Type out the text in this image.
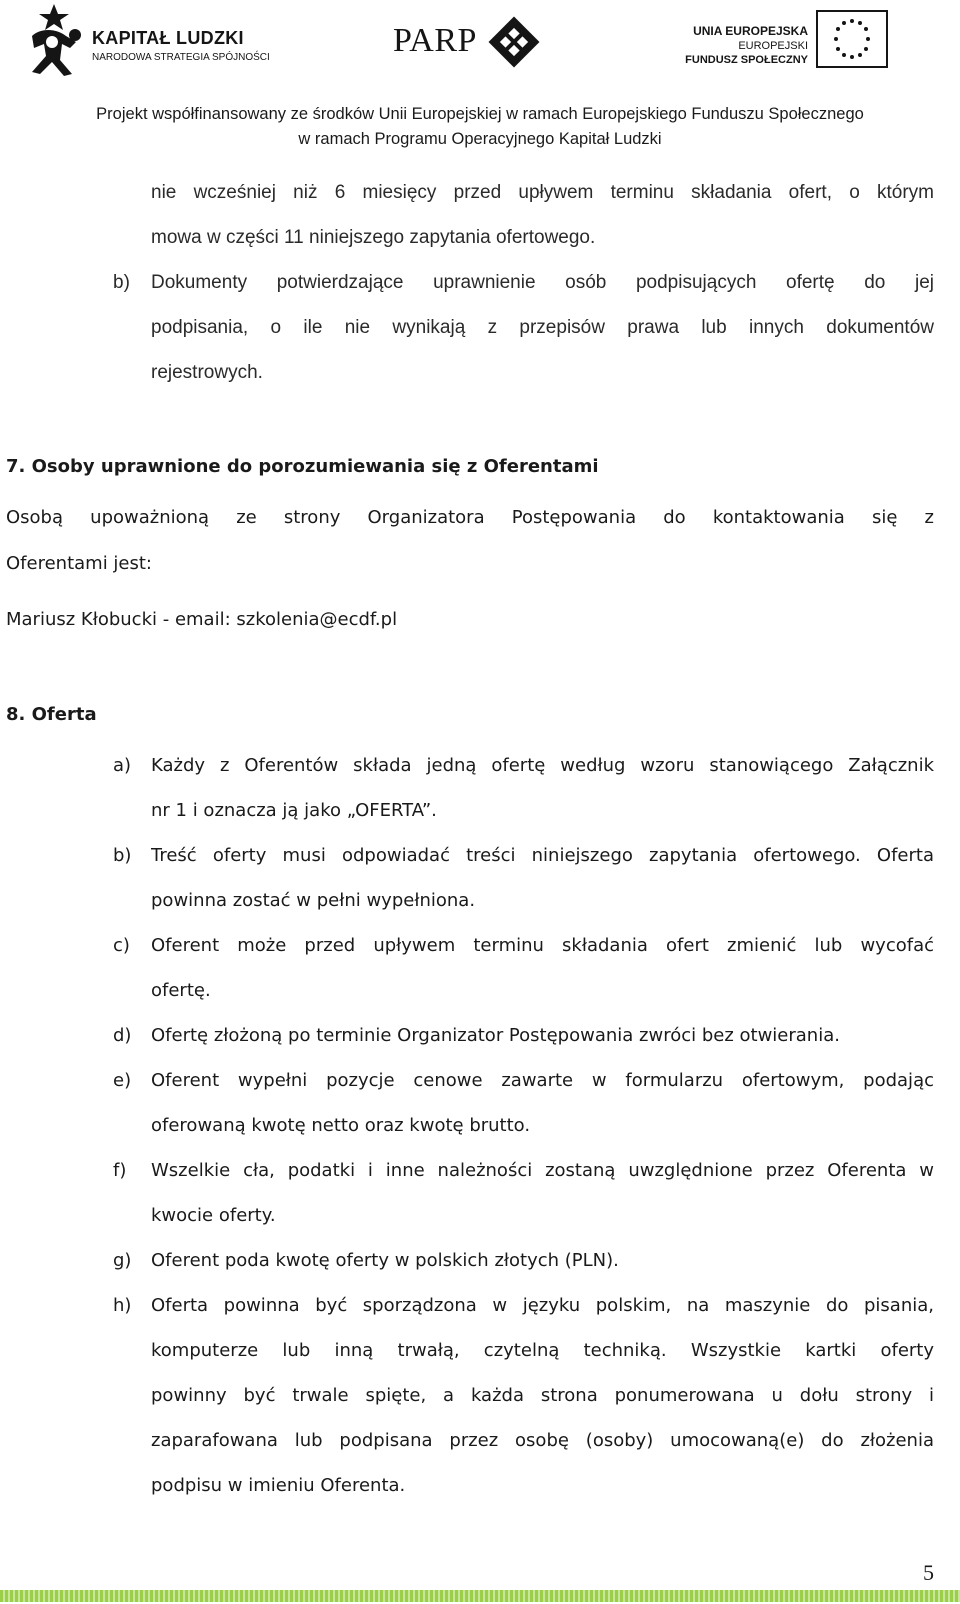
KAPITAŁ LUDZKI
NARODOWA STRATEGIA SPÓJNOŚCI	PARP	UNIA EUROPEJSKA
EUROPEJSKI
FUNDUSZ SPOŁECZNY
Projekt współfinansowany ze środków Unii Europejskiej w ramach Europejskiego Funduszu Społecznego
w ramach Programu Operacyjnego Kapitał Ludzki
nie wcześniej niż 6 miesięcy przed upływem terminu składania ofert, o którym
mowa w części 11 niniejszego zapytania ofertowego.
b) Dokumenty potwierdzające uprawnienie osób podpisujących ofertę do jej
podpisania, o ile nie wynikają z przepisów prawa lub innych dokumentów
rejestrowych.
7. Osoby uprawnione do porozumiewania się z Oferentami
Osobą upoważnioną ze strony Organizatora Postępowania do kontaktowania się z
Oferentami jest:
Mariusz Kłobucki - email: szkolenia@ecdf.pl
8. Oferta
a) Każdy z Oferentów składa jedną ofertę według wzoru stanowiącego Załącznik
nr 1 i oznacza ją jako „OFERTA”.
b) Treść oferty musi odpowiadać treści niniejszego zapytania ofertowego. Oferta
powinna zostać w pełni wypełniona.
c) Oferent może przed upływem terminu składania ofert zmienić lub wycofać
ofertę.
d) Ofertę złożoną po terminie Organizator Postępowania zwróci bez otwierania.
e) Oferent wypełni pozycje cenowe zawarte w formularzu ofertowym, podając
oferowaną kwotę netto oraz kwotę brutto.
f) Wszelkie cła, podatki i inne należności zostaną uwzględnione przez Oferenta w
kwocie oferty.
g) Oferent poda kwotę oferty w polskich złotych (PLN).
h) Oferta powinna być sporządzona w języku polskim, na maszynie do pisania,
komputerze lub inną trwałą, czytelną techniką. Wszystkie kartki oferty
powinny być trwale spięte, a każda strona ponumerowana u dołu strony i
zaparafowana lub podpisana przez osobę (osoby) umocowaną(e) do złożenia
podpisu w imieniu Oferenta.
5
